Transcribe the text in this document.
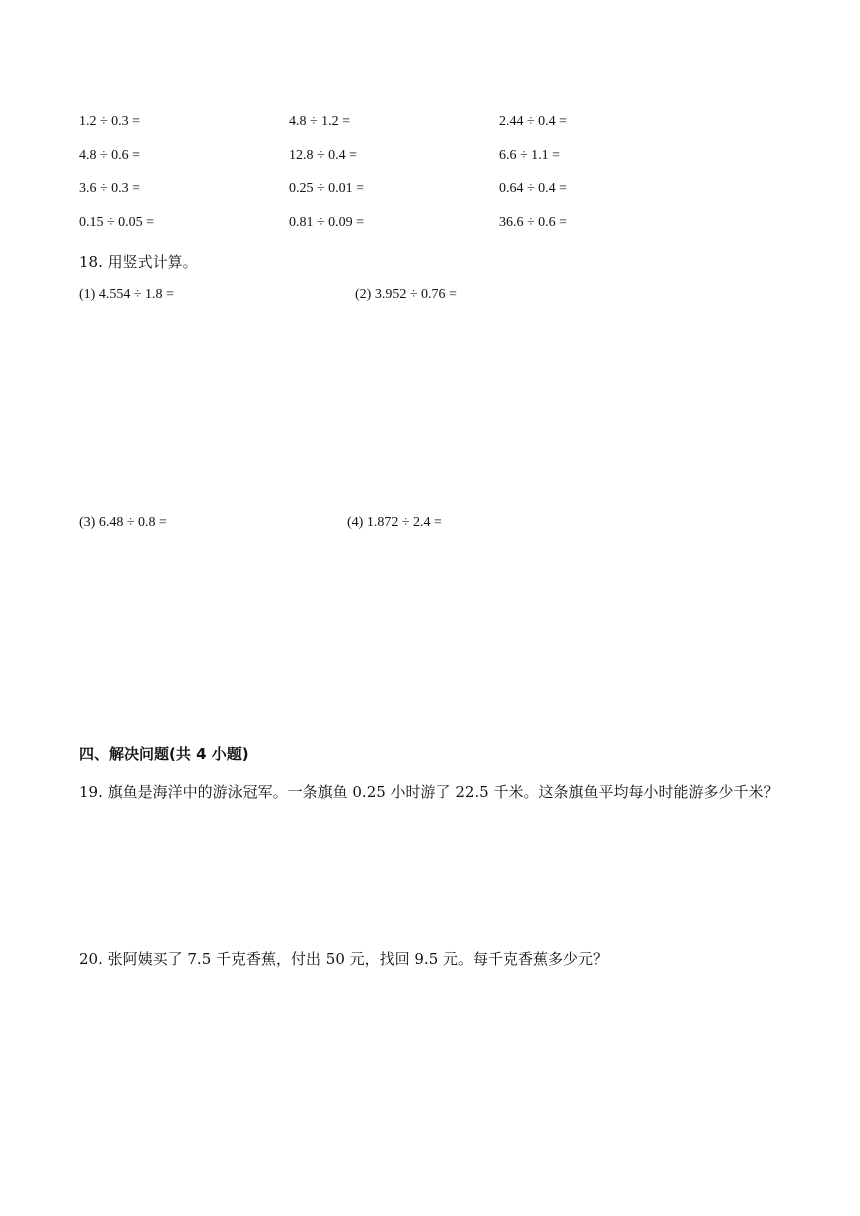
1.2 ÷ 0.3 =	4.8 ÷ 1.2 =	2.44 ÷ 0.4 =
4.8 ÷ 0.6 =	12.8 ÷ 0.4 =	6.6 ÷ 1.1 =
3.6 ÷ 0.3 =	0.25 ÷ 0.01 =	0.64 ÷ 0.4 =
0.15 ÷ 0.05 =	0.81 ÷ 0.09 =	36.6 ÷ 0.6 =
18. 用竖式计算。
(1) 4.554 ÷ 1.8 =	(2) 3.952 ÷ 0.76 =
(3) 6.48 ÷ 0.8 =	(4) 1.872 ÷ 2.4 =
四、解决问题(共 4 小题)
19. 旗鱼是海洋中的游泳冠军。一条旗鱼 0.25 小时游了 22.5 千米。这条旗鱼平均每小时能游多少千米？
20. 张阿姨买了 7.5 千克香蕉，付出 50 元，找回 9.5 元。每千克香蕉多少元？
